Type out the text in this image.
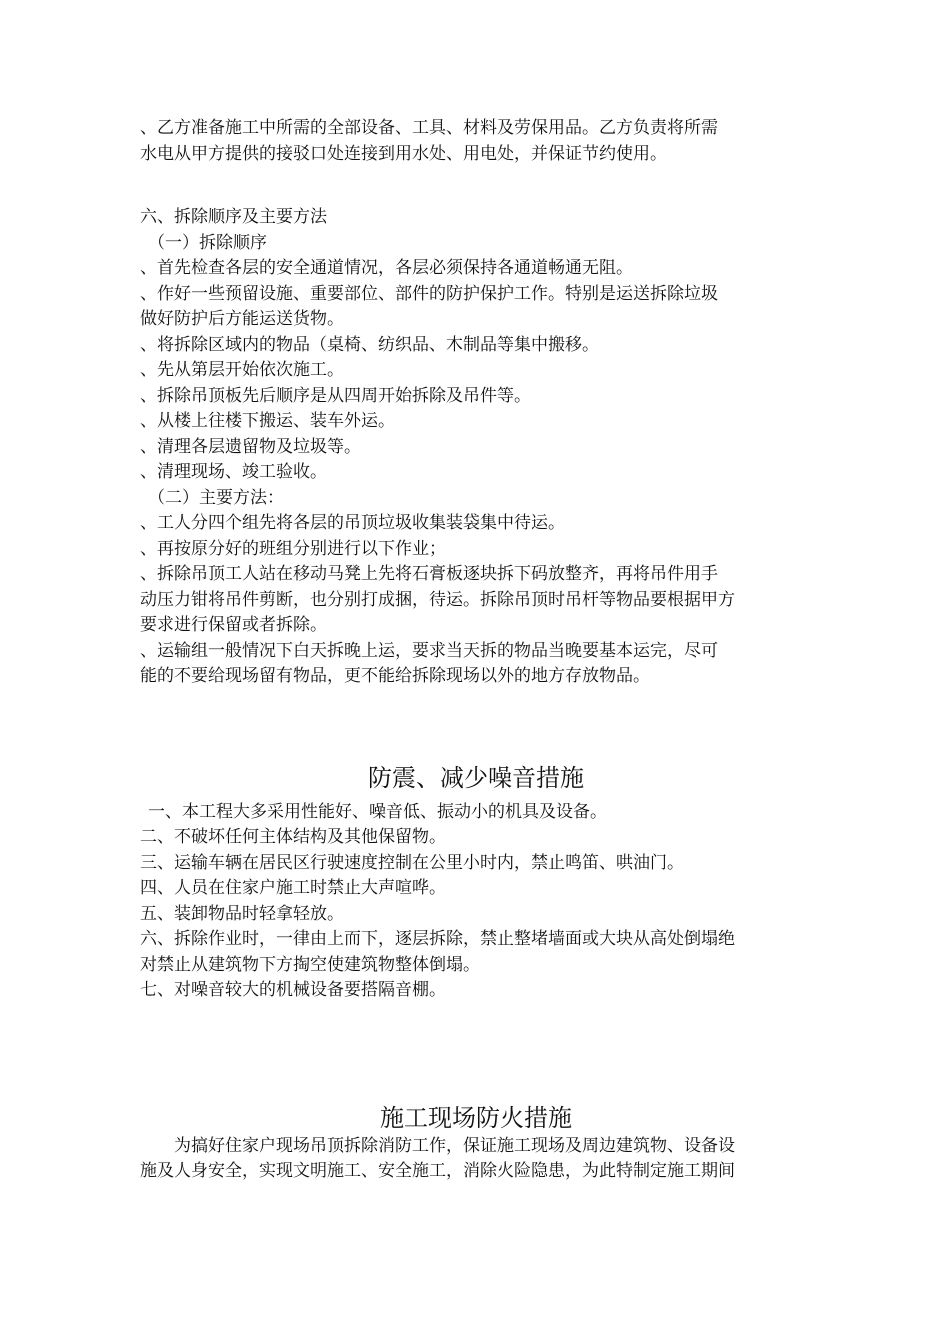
、乙方准备施工中所需的全部设备、工具、材料及劳保用品。乙方负责将所需
水电从甲方提供的接驳口处连接到用水处、用电处，并保证节约使用。
六、拆除顺序及主要方法
（一）拆除顺序
、首先检查各层的安全通道情况，各层必须保持各通道畅通无阻。
、作好一些预留设施、重要部位、部件的防护保护工作。特别是运送拆除垃圾
做好防护后方能运送货物。
、将拆除区域内的物品（桌椅、纺织品、木制品等集中搬移。
、先从第层开始依次施工。
、拆除吊顶板先后顺序是从四周开始拆除及吊件等。
、从楼上往楼下搬运、装车外运。
、清理各层遗留物及垃圾等。
、清理现场、竣工验收。
（二）主要方法：
、工人分四个组先将各层的吊顶垃圾收集装袋集中待运。
、再按原分好的班组分别进行以下作业；
、拆除吊顶工人站在移动马凳上先将石膏板逐块拆下码放整齐，再将吊件用手
动压力钳将吊件剪断，也分别打成捆，待运。拆除吊顶时吊杆等物品要根据甲方
要求进行保留或者拆除。
、运输组一般情况下白天拆晚上运，要求当天拆的物品当晚要基本运完，尽可
能的不要给现场留有物品，更不能给拆除现场以外的地方存放物品。
防震、减少噪音措施
一、本工程大多采用性能好、噪音低、振动小的机具及设备。
二、不破坏任何主体结构及其他保留物。
三、运输车辆在居民区行驶速度控制在公里小时内，禁止鸣笛、哄油门。
四、人员在住家户施工时禁止大声喧哗。
五、装卸物品时轻拿轻放。
六、拆除作业时，一律由上而下，逐层拆除，禁止整堵墙面或大块从高处倒塌绝
对禁止从建筑物下方掏空使建筑物整体倒塌。
七、对噪音较大的机械设备要搭隔音棚。
施工现场防火措施
为搞好住家户现场吊顶拆除消防工作，保证施工现场及周边建筑物、设备设
施及人身安全，实现文明施工、安全施工，消除火险隐患，为此特制定施工期间
